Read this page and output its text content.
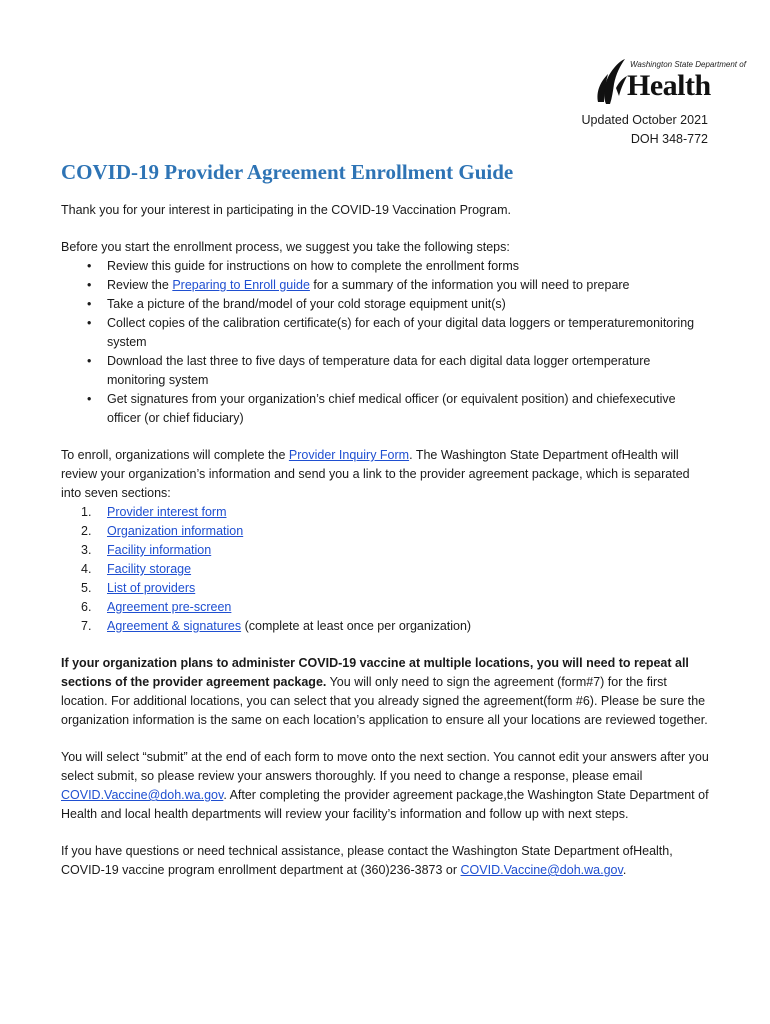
Washington State Department of
Health
Updated October 2021
DOH 348-772
COVID-19 Provider Agreement Enrollment Guide

Thank you for your interest in participating in the COVID-19 Vaccination Program.

Before you start the enrollment process, we suggest you take the following steps:

• Review this guide for instructions on how to complete the enrollment forms
• Review the Preparing to Enroll guide for a summary of the information you will need to prepare
• Take a picture of the brand/model of your cold storage equipment unit(s)
• Collect copies of the calibration certificate(s) for each of your digital data loggers or temperaturemonitoring system
• Download the last three to five days of temperature data for each digital data logger ortemperature monitoring system
• Get signatures from your organization’s chief medical officer (or equivalent position) and chiefexecutive officer (or chief fiduciary)

To enroll, organizations will complete the Provider Inquiry Form. The Washington State Department ofHealth will review your organization’s information and send you a link to the provider agreement package, which is separated into seven sections:

1. Provider interest form
2. Organization information
3. Facility information
4. Facility storage
5. List of providers
6. Agreement pre-screen
7. Agreement & signatures (complete at least once per organization)

If your organization plans to administer COVID-19 vaccine at multiple locations, you will need to repeat all sections of the provider agreement package. You will only need to sign the agreement (form#7) for the first location. For additional locations, you can select that you already signed the agreement(form #6). Please be sure the organization information is the same on each location’s application to ensure all your locations are reviewed together.

You will select “submit” at the end of each form to move onto the next section. You cannot edit your answers after you select submit, so please review your answers thoroughly. If you need to change a response, please email COVID.Vaccine@doh.wa.gov. After completing the provider agreement package,the Washington State Department of Health and local health departments will review your facility’s information and follow up with next steps.

If you have questions or need technical assistance, please contact the Washington State Department ofHealth, COVID-19 vaccine program enrollment department at (360)236-3873 or COVID.Vaccine@doh.wa.gov.
